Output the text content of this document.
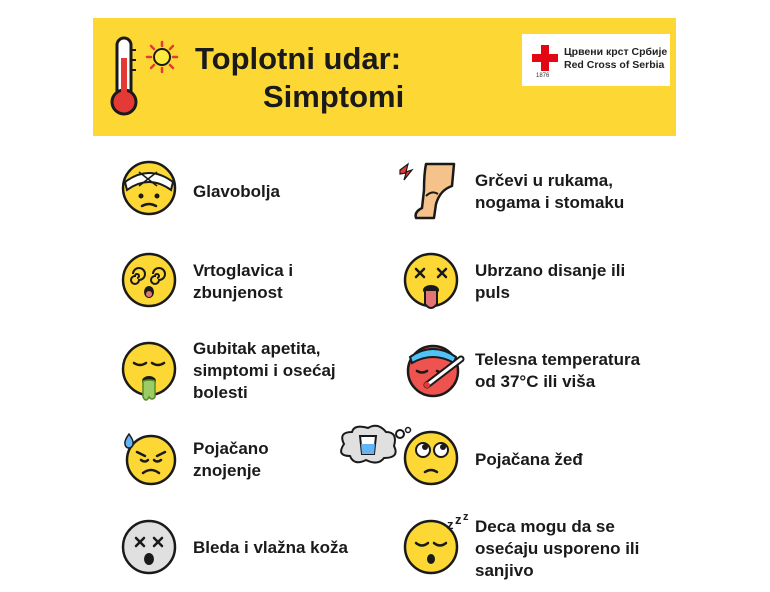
Toplotni udar:
Simptomi
1876
Црвени крст Србије
Red Cross of Serbia
Glavobolja
Vrtoglavica i
zbunjenost
Gubitak apetita,
simptomi i osećaj
bolesti
Pojačano
znojenje
Bleda i vlažna koža
Grčevi u rukama,
nogama i stomaku
Ubrzano disanje ili
puls
Telesna temperatura
od 37°C ili viša
Pojačana žeđ
z z z Deca mogu da se
osećaju usporeno ili
sanjivo
